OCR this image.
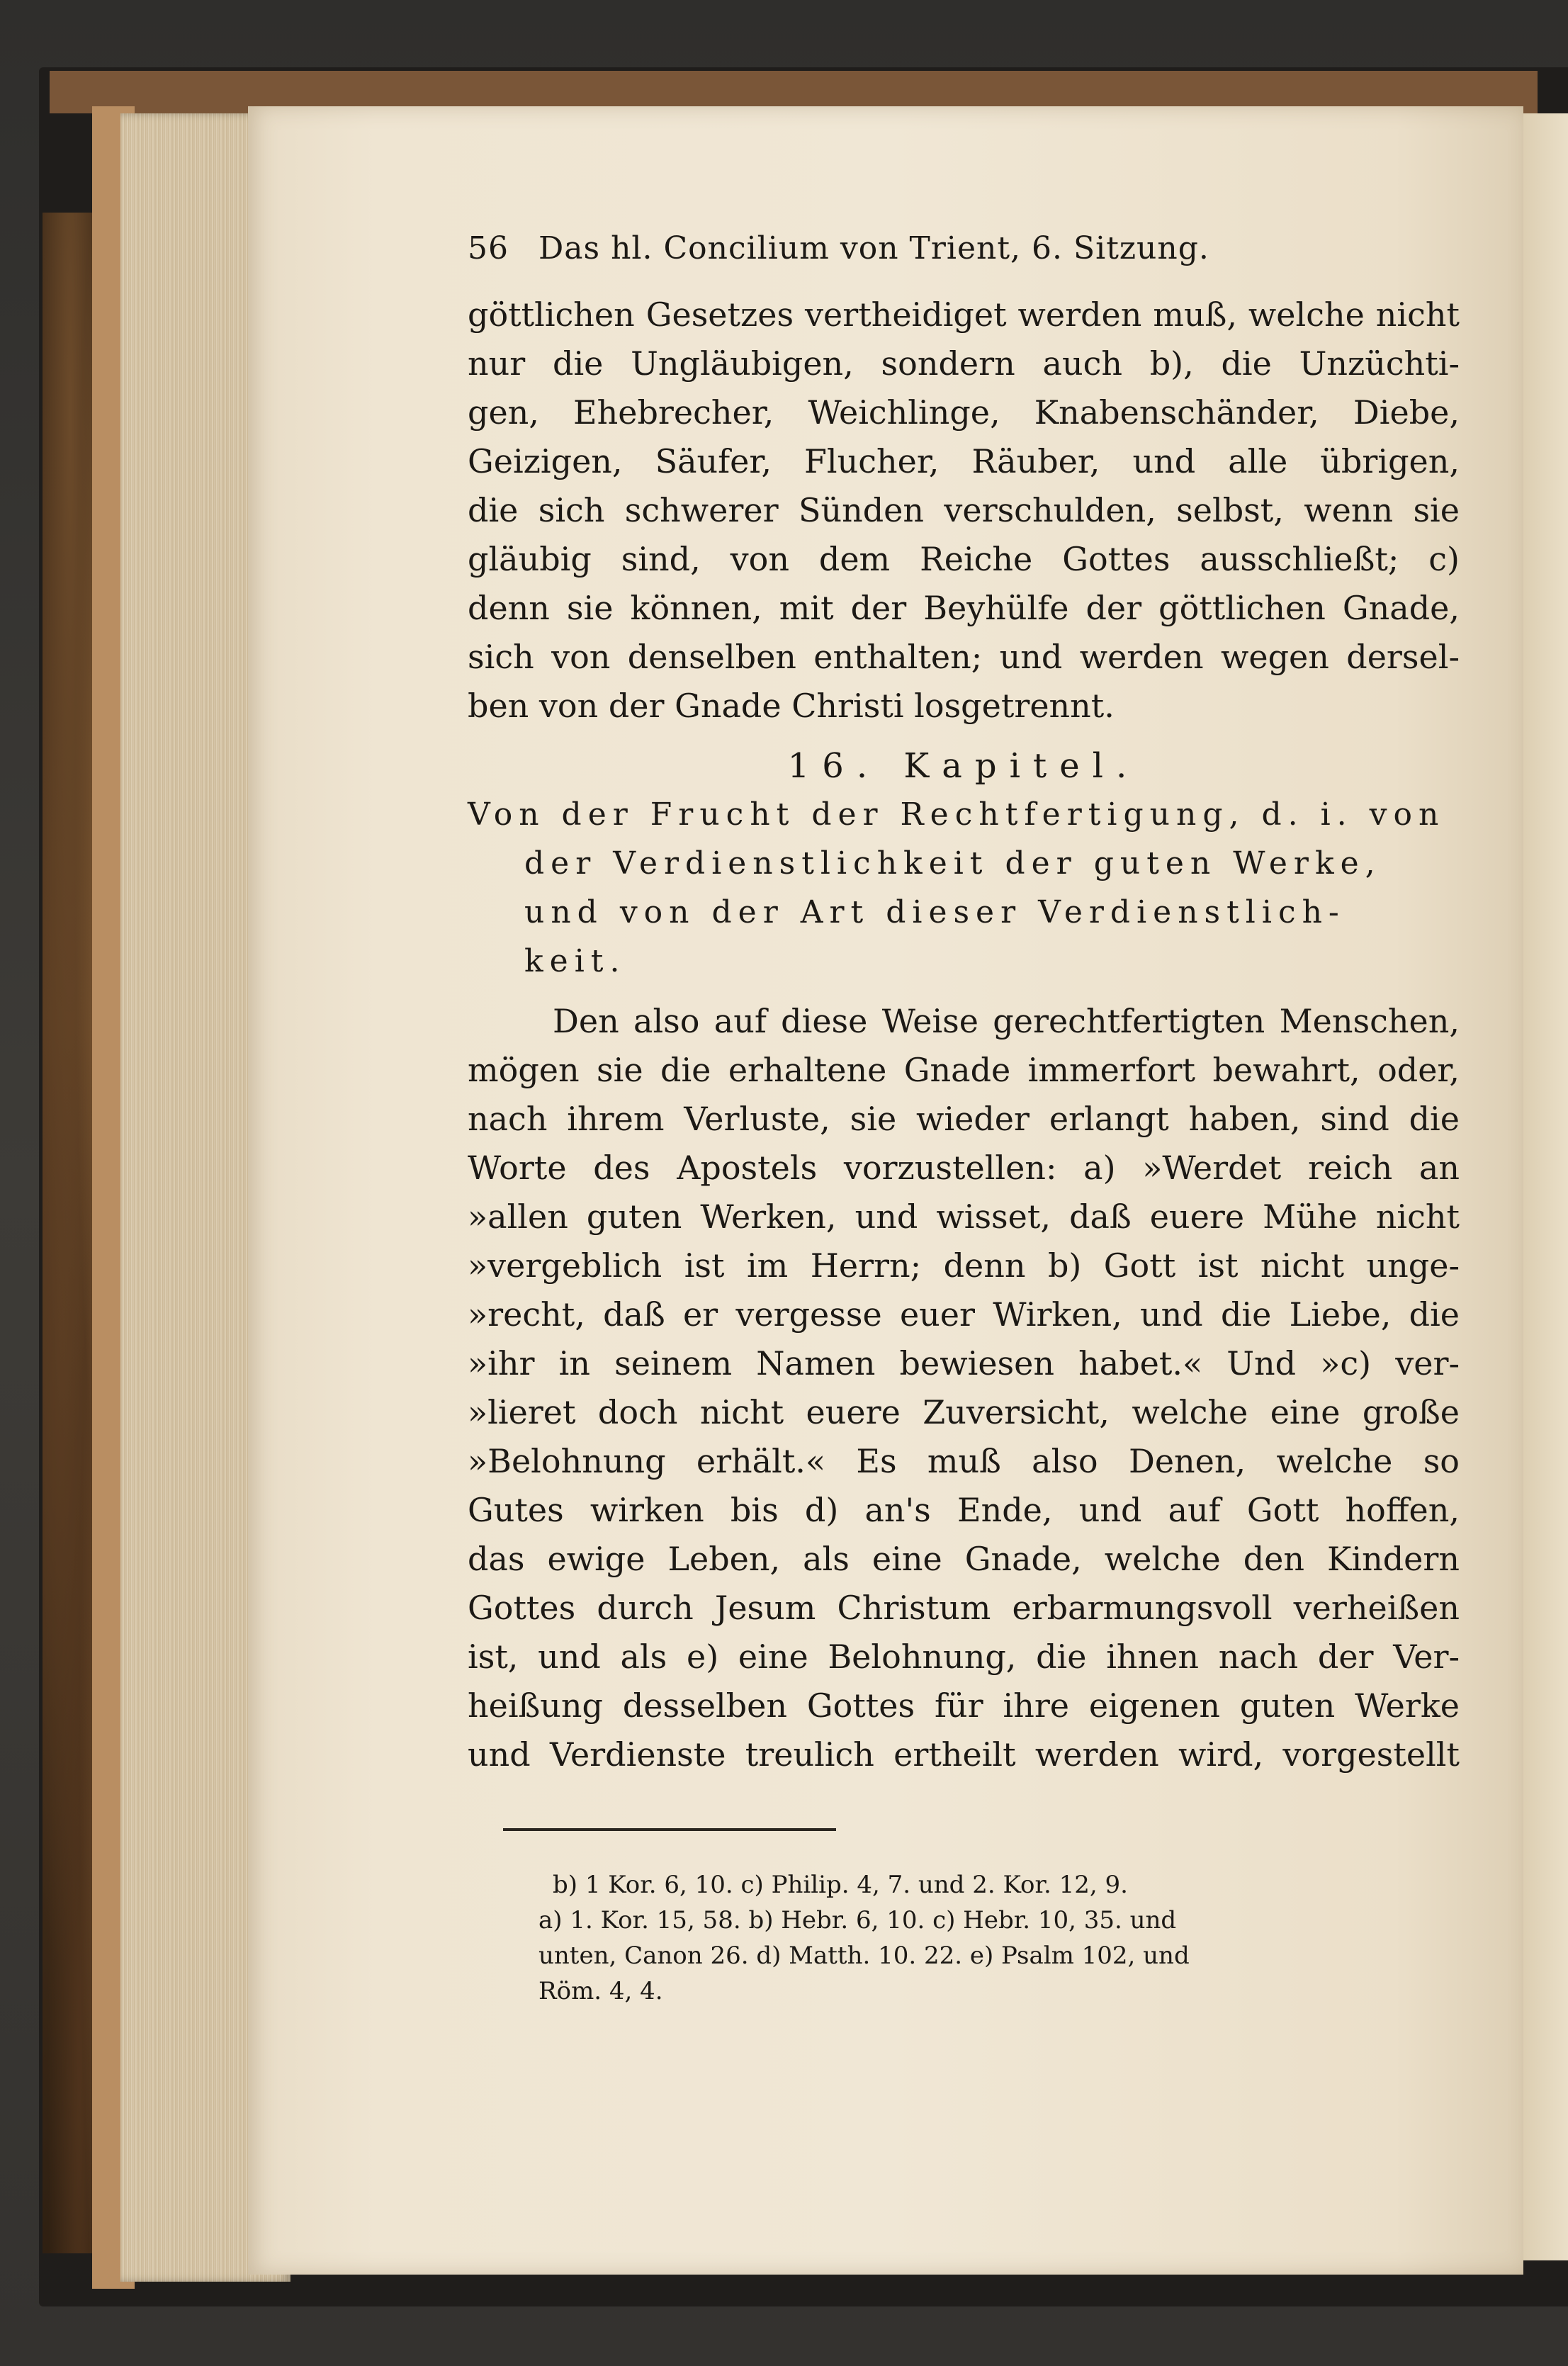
56 Das hl. Concilium von Trient, 6. Sitzung.
göttlichen Gesetzes vertheidiget werden muß, welche nicht
nur die Ungläubigen, sondern auch b), die Unzüchti-
gen, Ehebrecher, Weichlinge, Knabenschänder, Diebe,
Geizigen, Säufer, Flucher, Räuber, und alle übrigen,
die sich schwerer Sünden verschulden, selbst, wenn sie
gläubig sind, von dem Reiche Gottes ausschließt; c)
denn sie können, mit der Beyhülfe der göttlichen Gnade,
sich von denselben enthalten; und werden wegen dersel-
ben von der Gnade Christi losgetrennt.
16. Kapitel.
Von der Frucht der Rechtfertigung, d. i. von
der Verdienstlichkeit der guten Werke,
und von der Art dieser Verdienstlich-
keit.
Den also auf diese Weise gerechtfertigten Menschen,
mögen sie die erhaltene Gnade immerfort bewahrt, oder,
nach ihrem Verluste, sie wieder erlangt haben, sind die
Worte des Apostels vorzustellen: a) »Werdet reich an
»allen guten Werken, und wisset, daß euere Mühe nicht
»vergeblich ist im Herrn; denn b) Gott ist nicht unge-
»recht, daß er vergesse euer Wirken, und die Liebe, die
»ihr in seinem Namen bewiesen habet.« Und »c) ver-
»lieret doch nicht euere Zuversicht, welche eine große
»Belohnung erhält.« Es muß also Denen, welche so
Gutes wirken bis d) an's Ende, und auf Gott hoffen,
das ewige Leben, als eine Gnade, welche den Kindern
Gottes durch Jesum Christum erbarmungsvoll verheißen
ist, und als e) eine Belohnung, die ihnen nach der Ver-
heißung desselben Gottes für ihre eigenen guten Werke
und Verdienste treulich ertheilt werden wird, vorgestellt
b) 1 Kor. 6, 10. c) Philip. 4, 7. und 2. Kor. 12, 9.
a) 1. Kor. 15, 58. b) Hebr. 6, 10. c) Hebr. 10, 35. und
unten, Canon 26. d) Matth. 10. 22. e) Psalm 102, und
Röm. 4, 4.
